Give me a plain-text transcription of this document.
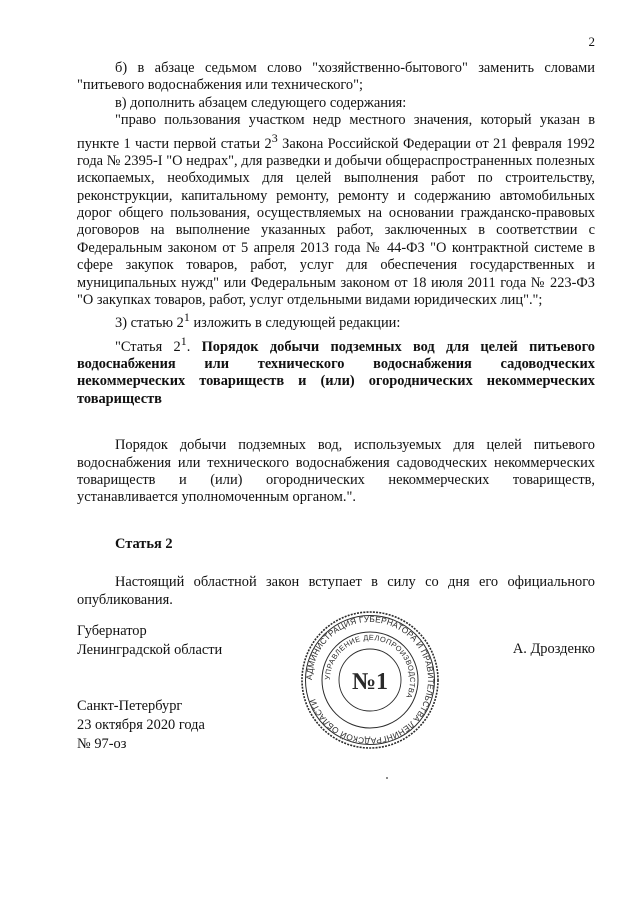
2

б) в абзаце седьмом слово "хозяйственно-бытового" заменить словами "питьевого водоснабжения или технического";

в) дополнить абзацем следующего содержания:

"право пользования участком недр местного значения, который указан в пункте 1 части первой статьи $2^3$ Закона Российской Федерации от 21 февраля 1992 года № 2395-I "О недрах", для разведки и добычи общераспространенных полезных ископаемых, необходимых для целей выполнения работ по строительству, реконструкции, капитальному ремонту, ремонту и содержанию автомобильных дорог общего пользования, осуществляемых на основании гражданско-правовых договоров на выполнение указанных работ, заключенных в соответствии с Федеральным законом от 5 апреля 2013 года № 44-ФЗ "О контрактной системе в сфере закупок товаров, работ, услуг для обеспечения государственных и муниципальных нужд" или Федеральным законом от 18 июля 2011 года № 223-ФЗ "О закупках товаров, работ, услуг отдельными видами юридических лиц".";

3) статью $2^1$ изложить в следующей редакции:

"Статья $2^1$. Порядок добычи подземных вод для целей питьевого водоснабжения или технического водоснабжения садоводческих некоммерческих товариществ и (или) огороднических некоммерческих товариществ

Порядок добычи подземных вод, используемых для целей питьевого водоснабжения или технического водоснабжения садоводческих некоммерческих товариществ и (или) огороднических некоммерческих товариществ, устанавливается уполномоченным органом.".

Статья 2

Настоящий областной закон вступает в силу со дня его официального опубликования.

Губернатор
Ленинградской области	А. Дрозденко
Санкт-Петербург
23 октября 2020 года
№ 97-оз
АДМИНИСТРАЦИЯ ГУБЕРНАТОРА И ПРАВИТЕЛЬСТВА ЛЕНИНГРАДСКОЙ ОБЛАСТИ
УПРАВЛЕНИЕ ДЕЛОПРОИЗВОДСТВА
№1
